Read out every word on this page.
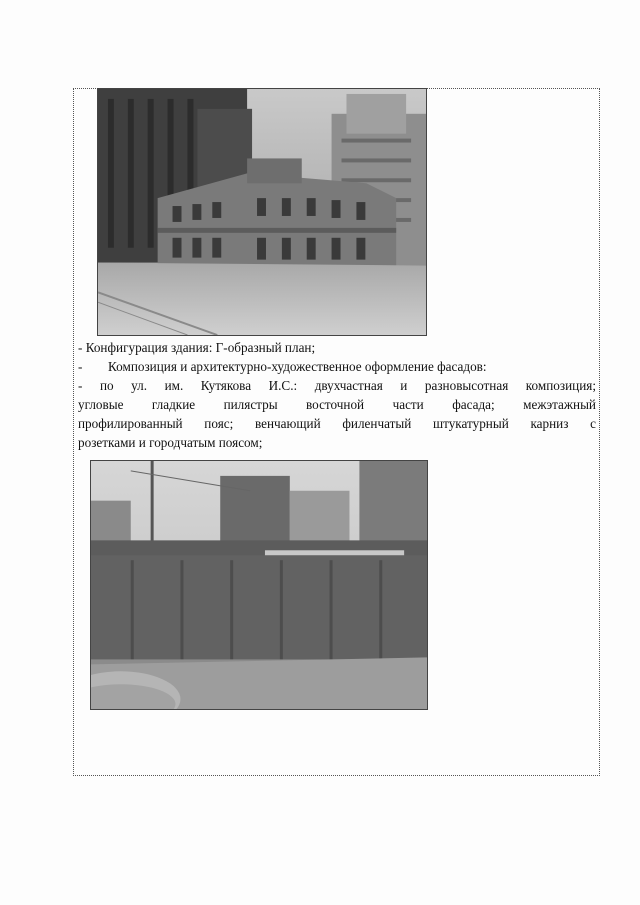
- Конфигурация здания: Г-образный план;
- Композиция и архитектурно-художественное оформление фасадов:
- по ул. им. Кутякова И.С.: двухчастная и разновысотная композиция;
угловые гладкие пилястры восточной части фасада; межэтажный
профилированный пояс; венчающий филенчатый штукатурный карниз с
розетками и городчатым поясом;
